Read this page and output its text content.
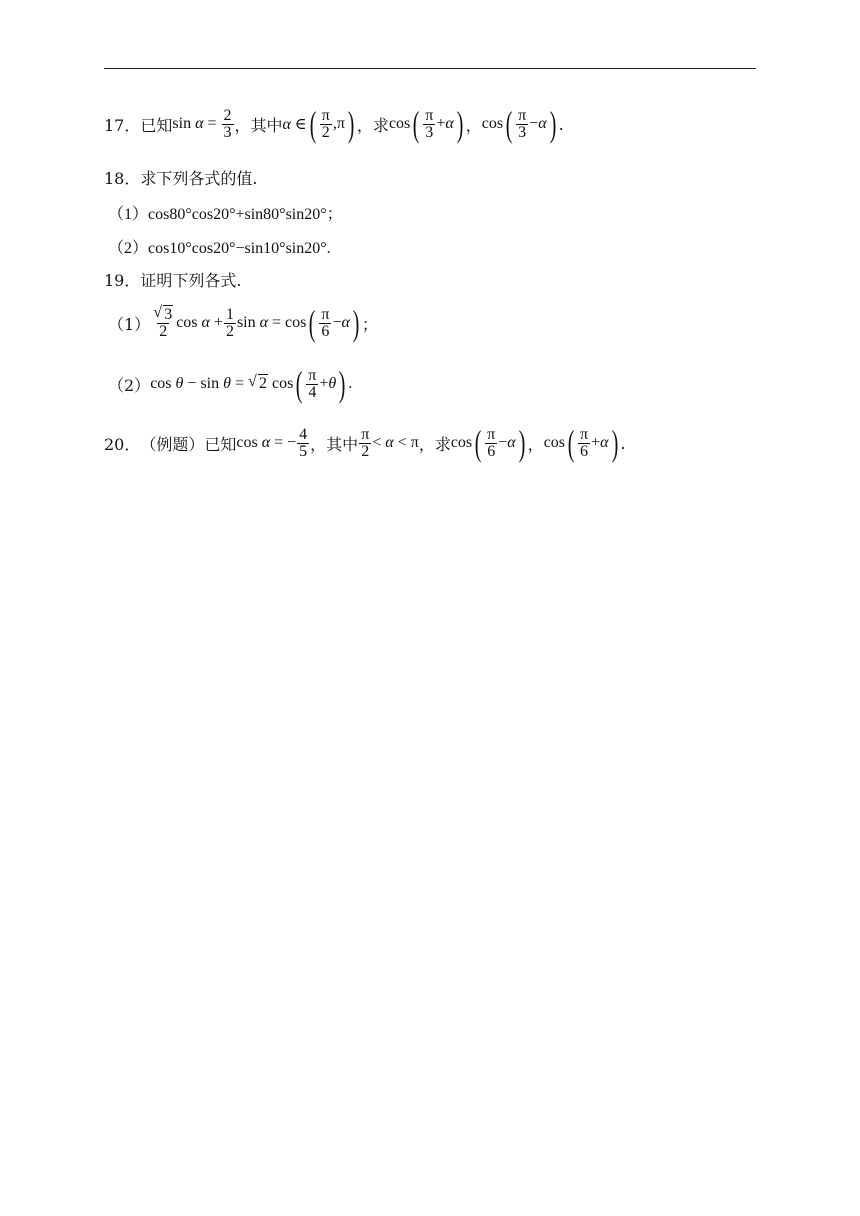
17． 已知 $\sin \alpha = \frac{2}{3}$ ，其中 α ∈ ( $\frac{\pi}{2} ,\pi$ ) ，求 cos ( $\frac{\pi}{3} + \alpha$ ) ， cos ( $\frac{\pi}{3} - \alpha$ ) .
18．求下列各式的值.
（1）cos80°cos20°+sin80°sin20°；
（2）cos10°cos20°−sin10°sin20°.
19．证明下列各式.
$(1) \frac{√ 3}{2}$ $\cos \alpha + \frac{1}{2}$ sin α = cos ( $\frac{\pi}{6} - \alpha$ ) ；
（2） cos θ − sin θ = √ 2 cos ( $\frac{\pi}{4} + \theta$ ) .
20． （例题）已知 cos α = − $\frac{4}{5}$ ，其中 $\frac{\pi}{2} < \alpha < \pi$ ，求 cos ( $\frac{\pi}{6} - \alpha$ ) ， cos ( $\frac{\pi}{6} + \alpha$ ) .
